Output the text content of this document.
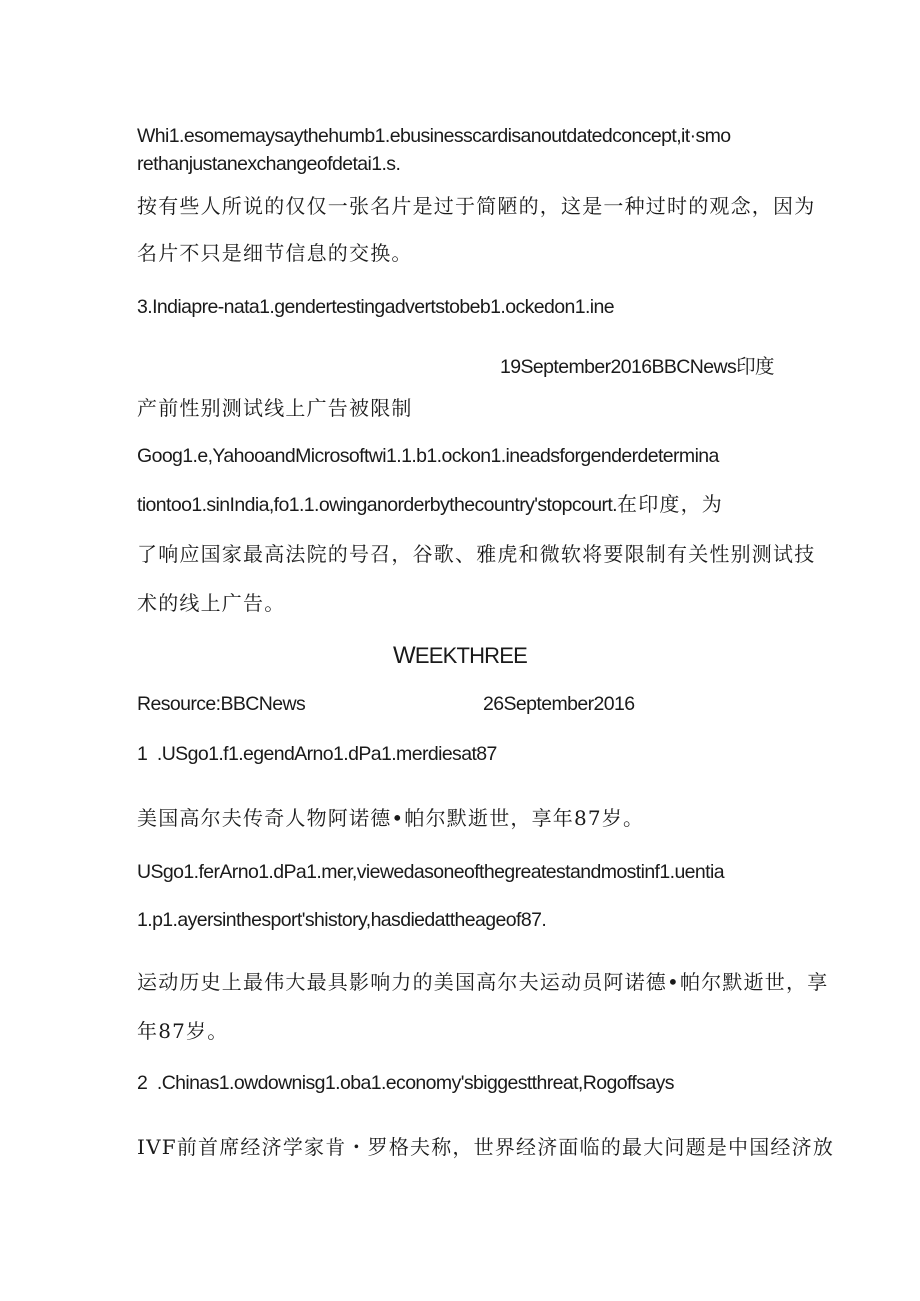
Whi1.esomemaysaythehumb1.ebusinesscardisanoutdatedconcept,it·smo
rethanjustanexchangeofdetai1.s.
按有些人所说的仅仅一张名片是过于简陋的，这是一种过时的观念，因为
名片不只是细节信息的交换。
3.Indiapre-nata1.gendertestingadvertstobeb1.ockedon1.ine
19September2016BBCNews印度
产前性别测试线上广告被限制
Goog1.e,YahooandMicrosoftwi1.1.b1.ockon1.ineadsforgenderdetermina
tiontoo1.sinIndia,fo1.1.owinganorderbythecountry'stopcourt.在印度，为
了响应国家最高法院的号召，谷歌、雅虎和微软将要限制有关性别测试技
术的线上广告。
WEEKTHREE
Resource:BBCNews	26September2016
1  .USgo1.f1.egendArno1.dPa1.merdiesat87
美国高尔夫传奇人物阿诺德•帕尔默逝世，享年87岁。
USgo1.ferArno1.dPa1.mer,viewedasoneofthegreatestandmostinf1.uentia
1.p1.ayersinthesport'shistory,hasdiedattheageof87.
运动历史上最伟大最具影响力的美国高尔夫运动员阿诺德•帕尔默逝世，享
年87岁。
2  .Chinas1.owdownisg1.oba1.economy'sbiggestthreat,Rogoffsays
IVF前首席经济学家肯・罗格夫称，世界经济面临的最大问题是中国经济放
